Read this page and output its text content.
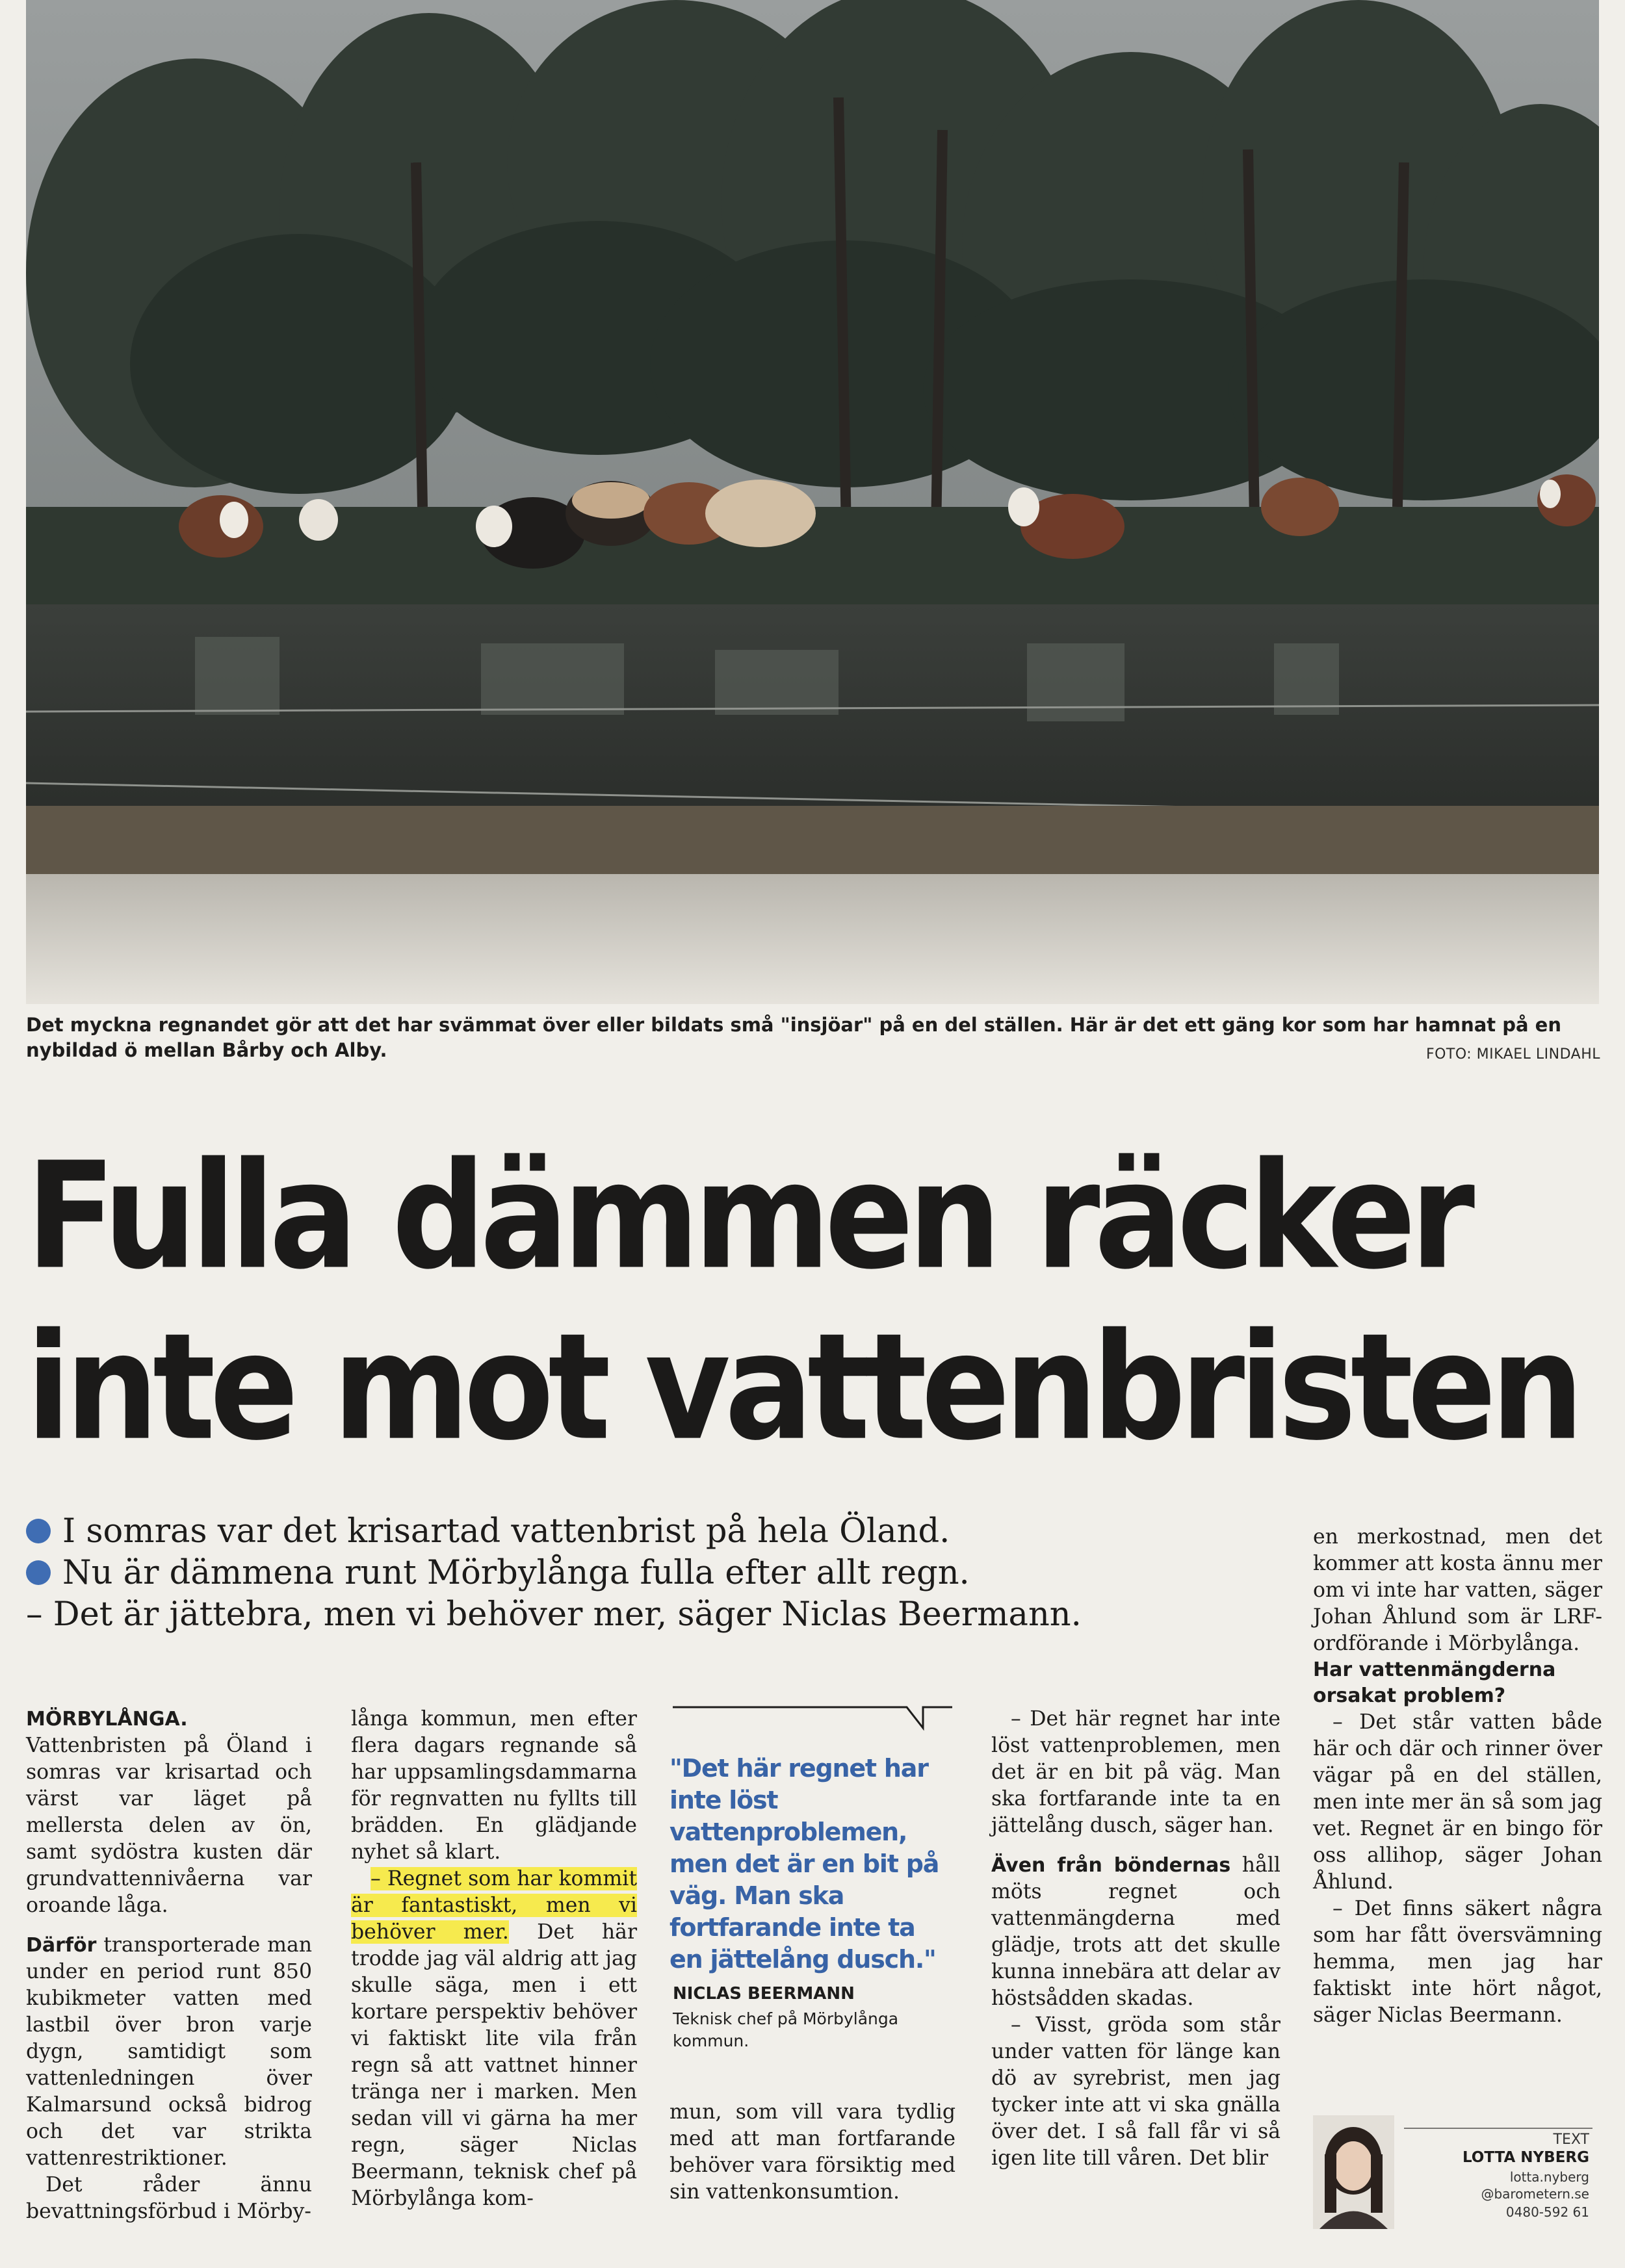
Det myckna regnandet gör att det har svämmat över eller bildats små "insjöar" på en del ställen. Här är det ett gäng kor som har hamnat på en nybildad ö mellan Bårby och Alby.	FOTO: MIKAEL LINDAHL
Fulla dämmen räcker
inte mot vattenbristen
I somras var det krisartad vattenbrist på hela Öland.
Nu är dämmena runt Mörbylånga fulla efter allt regn.
– Det är jättebra, men vi behöver mer, säger Niclas Beermann.

MÖRBYLÅNGA. Vattenbristen på Öland i somras var krisartad och värst var läget på mellersta delen av ön, samt sydöstra kusten där grundvattennivåerna var oroande låga.

Därför transporterade man under en period runt 850 kubikmeter vatten med lastbil över bron varje dygn, samtidigt som vattenledningen över Kalmarsund också bidrog och det var strikta vattenrestriktioner.

Det råder ännu bevattningsförbud i Mörby-

långa kommun, men efter flera dagars regnande så har uppsamlingsdammarna för regnvatten nu fyllts till brädden. En glädjande nyhet så klart.

– Regnet som har kommit är fantastiskt, men vi behöver mer. Det här trodde jag väl aldrig att jag skulle säga, men i ett kortare perspektiv behöver vi faktiskt lite vila från regn så att vattnet hinner tränga ner i marken. Men sedan vill vi gärna ha mer regn, säger Niclas Beermann, teknisk chef på Mörbylånga kom-

"Det här regnet har inte löst vattenproblemen, men det är en bit på väg. Man ska fortfarande inte ta en jättelång dusch."
NICLAS BEERMANN
Teknisk chef på Mörbylånga kommun.

mun, som vill vara tydlig med att man fortfarande behöver vara försiktig med sin vattenkonsumtion.

– Det här regnet har inte löst vattenproblemen, men det är en bit på väg. Man ska fortfarande inte ta en jättelång dusch, säger han.

Även från böndernas håll möts regnet och vattenmängderna med glädje, trots att det skulle kunna innebära att delar av höstsådden skadas.

– Visst, gröda som står under vatten för länge kan dö av syrebrist, men jag tycker inte att vi ska gnälla över det. I så fall får vi så igen lite till våren. Det blir

en merkostnad, men det kommer att kosta ännu mer om vi inte har vatten, säger Johan Åhlund som är LRF-ordförande i Mörbylånga.

Har vattenmängderna orsakat problem?

– Det står vatten både här och där och rinner över vägar på en del ställen, men inte mer än så som jag vet. Regnet är en bingo för oss allihop, säger Johan Åhlund.

– Det finns säkert några som har fått översvämning hemma, men jag har faktiskt inte hört något, säger Niclas Beermann.

TEXT
LOTTA NYBERG
lotta.nyberg
@barometern.se
0480-592 61
